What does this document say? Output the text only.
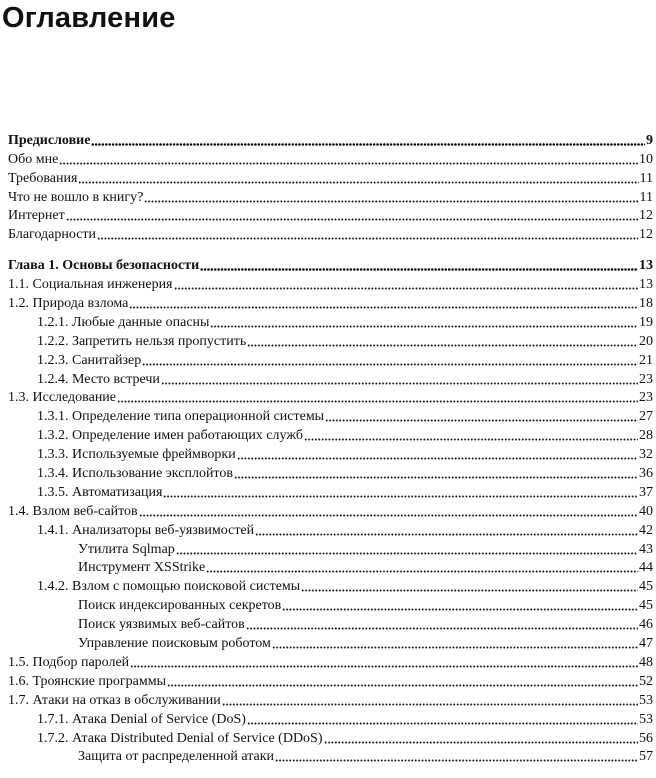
Оглавление
Предисловие	9
Обо мне	10
Требования	11
Что не вошло в книгу?	11
Интернет	12
Благодарности	12
Глава 1. Основы безопасности	13
1.1. Социальная инженерия	13
1.2. Природа взлома	18
1.2.1. Любые данные опасны	19
1.2.2. Запретить нельзя пропустить	20
1.2.3. Санитайзер	21
1.2.4. Место встречи	23
1.3. Исследование	23
1.3.1. Определение типа операционной системы	27
1.3.2. Определение имен работающих служб	28
1.3.3. Используемые фреймворки	32
1.3.4. Использование эксплойтов	36
1.3.5. Автоматизация	37
1.4. Взлом веб-сайтов	40
1.4.1. Анализаторы веб-уязвимостей	42
Утилита Sqlmap	43
Инструмент XSStrike	44
1.4.2. Взлом с помощью поисковой системы	45
Поиск индексированных секретов	45
Поиск уязвимых веб-сайтов	46
Управление поисковым роботом	47
1.5. Подбор паролей	48
1.6. Троянские программы	52
1.7. Атаки на отказ в обслуживании	53
1.7.1. Атака Denial of Service (DoS)	53
1.7.2. Атака Distributed Denial of Service (DDoS)	56
Защита от распределенной атаки	57
